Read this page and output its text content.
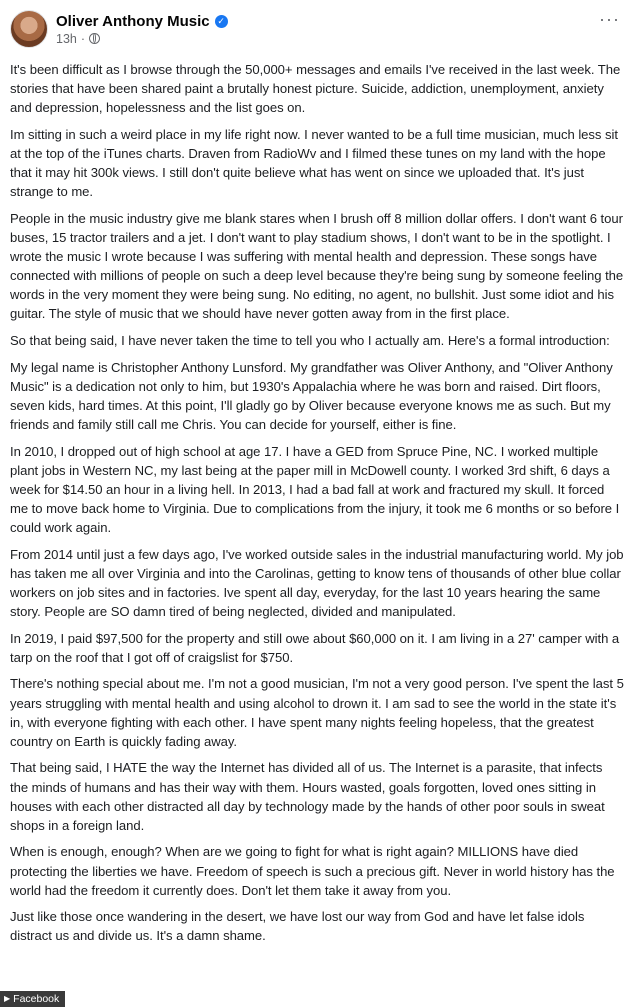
Oliver Anthony Music ✓
13h ·
···

It's been difficult as I browse through the 50,000+ messages and emails I've received in the last week. The stories that have been shared paint a brutally honest picture. Suicide, addiction, unemployment, anxiety and depression, hopelessness and the list goes on.

Im sitting in such a weird place in my life right now. I never wanted to be a full time musician, much less sit at the top of the iTunes charts. Draven from RadioWv and I filmed these tunes on my land with the hope that it may hit 300k views. I still don't quite believe what has went on since we uploaded that. It's just strange to me.

People in the music industry give me blank stares when I brush off 8 million dollar offers. I don't want 6 tour buses, 15 tractor trailers and a jet. I don't want to play stadium shows, I don't want to be in the spotlight. I wrote the music I wrote because I was suffering with mental health and depression. These songs have connected with millions of people on such a deep level because they're being sung by someone feeling the words in the very moment they were being sung. No editing, no agent, no bullshit. Just some idiot and his guitar. The style of music that we should have never gotten away from in the first place.

So that being said, I have never taken the time to tell you who I actually am. Here's a formal introduction:

My legal name is Christopher Anthony Lunsford. My grandfather was Oliver Anthony, and "Oliver Anthony Music" is a dedication not only to him, but 1930's Appalachia where he was born and raised. Dirt floors, seven kids, hard times. At this point, I'll gladly go by Oliver because everyone knows me as such. But my friends and family still call me Chris. You can decide for yourself, either is fine.

In 2010, I dropped out of high school at age 17. I have a GED from Spruce Pine, NC. I worked multiple plant jobs in Western NC, my last being at the paper mill in McDowell county. I worked 3rd shift, 6 days a week for $14.50 an hour in a living hell. In 2013, I had a bad fall at work and fractured my skull. It forced me to move back home to Virginia. Due to complications from the injury, it took me 6 months or so before I could work again.

From 2014 until just a few days ago, I've worked outside sales in the industrial manufacturing world. My job has taken me all over Virginia and into the Carolinas, getting to know tens of thousands of other blue collar workers on job sites and in factories. Ive spent all day, everyday, for the last 10 years hearing the same story. People are SO damn tired of being neglected, divided and manipulated.

In 2019, I paid $97,500 for the property and still owe about $60,000 on it. I am living in a 27' camper with a tarp on the roof that I got off of craigslist for $750.

There's nothing special about me. I'm not a good musician, I'm not a very good person. I've spent the last 5 years struggling with mental health and using alcohol to drown it. I am sad to see the world in the state it's in, with everyone fighting with each other. I have spent many nights feeling hopeless, that the greatest country on Earth is quickly fading away.

That being said, I HATE the way the Internet has divided all of us. The Internet is a parasite, that infects the minds of humans and has their way with them. Hours wasted, goals forgotten, loved ones sitting in houses with each other distracted all day by technology made by the hands of other poor souls in sweat shops in a foreign land.

When is enough, enough? When are we going to fight for what is right again? MILLIONS have died protecting the liberties we have. Freedom of speech is such a precious gift. Never in world history has the world had the freedom it currently does. Don't let them take it away from you.

Just like those once wandering in the desert, we have lost our way from God and have let false idols distract us and divide us. It's a damn shame.

▶ Facebook
